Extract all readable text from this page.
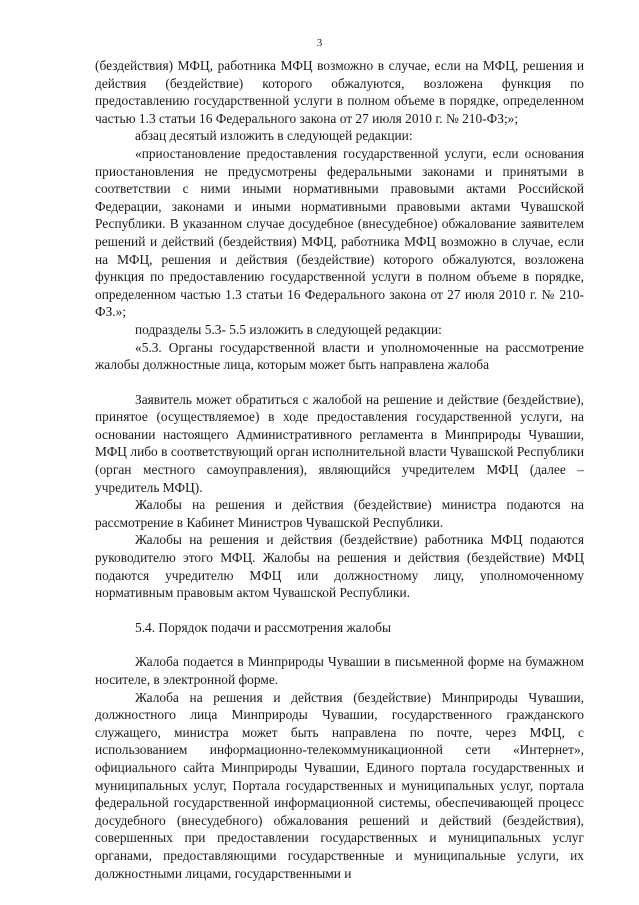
3

(бездействия) МФЦ, работника МФЦ возможно в случае, если на МФЦ, решения и действия (бездействие) которого обжалуются, возложена функция по предоставлению государственной услуги в полном объеме в порядке, определенном частью 1.3 статьи 16 Федерального закона от 27 июля 2010 г. № 210-ФЗ;»;

абзац десятый изложить в следующей редакции:

«приостановление предоставления государственной услуги, если основания приостановления не предусмотрены федеральными законами и принятыми в соответствии с ними иными нормативными правовыми актами Российской Федерации, законами и иными нормативными правовыми актами Чувашской Республики. В указанном случае досудебное (внесудебное) обжалование заявителем решений и действий (бездействия) МФЦ, работника МФЦ возможно в случае, если на МФЦ, решения и действия (бездействие) которого обжалуются, возложена функция по предоставлению государственной услуги в полном объеме в порядке, определенном частью 1.3 статьи 16 Федерального закона от 27 июля 2010 г. № 210-ФЗ.»;

подразделы 5.3- 5.5 изложить в следующей редакции:

«5.3. Органы государственной власти и уполномоченные на рассмотрение жалобы должностные лица, которым может быть направлена жалоба

Заявитель может обратиться с жалобой на решение и действие (бездействие), принятое (осуществляемое) в ходе предоставления государственной услуги, на основании настоящего Административного регламента в Минприроды Чувашии, МФЦ либо в соответствующий орган исполнительной власти Чувашской Республики (орган местного самоуправления), являющийся учредителем МФЦ (далее – учредитель МФЦ).

Жалобы на решения и действия (бездействие) министра подаются на рассмотрение в Кабинет Министров Чувашской Республики.

Жалобы на решения и действия (бездействие) работника МФЦ подаются руководителю этого МФЦ. Жалобы на решения и действия (бездействие) МФЦ подаются учредителю МФЦ или должностному лицу, уполномоченному нормативным правовым актом Чувашской Республики.

5.4. Порядок подачи и рассмотрения жалобы

Жалоба подается в Минприроды Чувашии в письменной форме на бумажном носителе, в электронной форме.

Жалоба на решения и действия (бездействие) Минприроды Чувашии, должностного лица Минприроды Чувашии, государственного гражданского служащего, министра может быть направлена по почте, через МФЦ, с использованием информационно-телекоммуникационной сети «Интернет», официального сайта Минприроды Чувашии, Единого портала государственных и муниципальных услуг, Портала государственных и муниципальных услуг, портала федеральной государственной информационной системы, обеспечивающей процесс досудебного (внесудебного) обжалования решений и действий (бездействия), совершенных при предоставлении государственных и муниципальных услуг органами, предоставляющими государственные и муниципальные услуги, их должностными лицами, государственными и
